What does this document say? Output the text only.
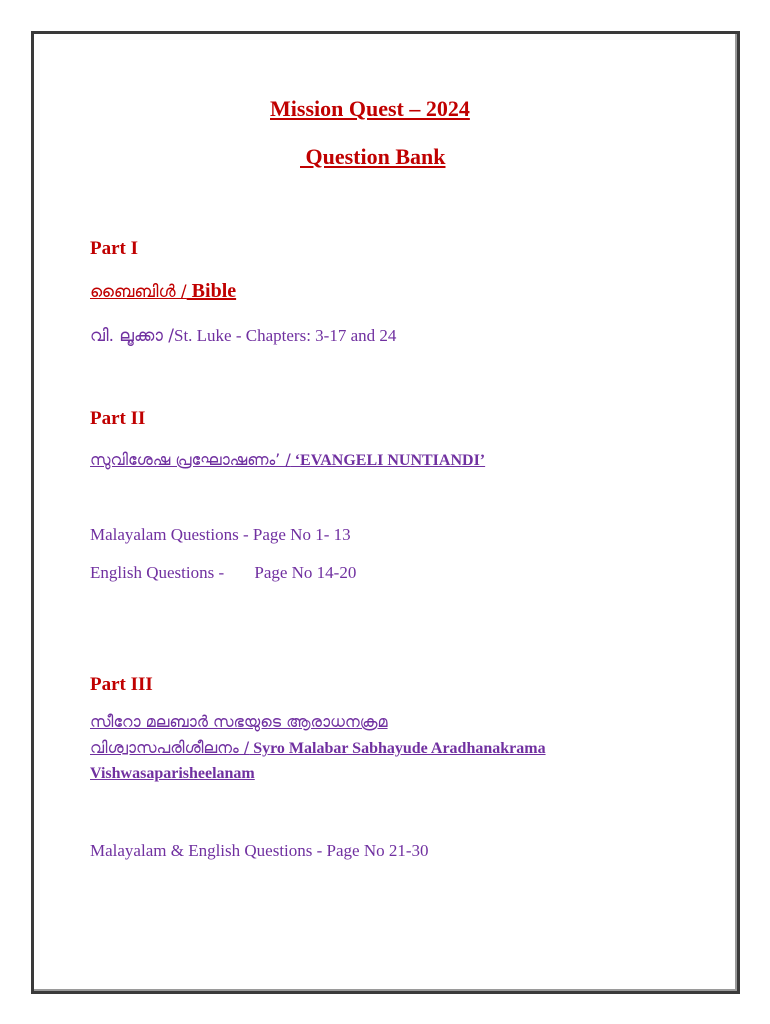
Mission Quest – 2024
Question Bank
Part I
ബൈബിൾ / Bible
വി. ലൂക്കാ /St. Luke - Chapters: 3-17 and 24
Part II
സുവിശേഷ പ്രഘോഷണം’ / ‘EVANGELI NUNTIANDI’
Malayalam Questions - Page No 1- 13
English Questions - Page No 14-20
Part III
സീറോ മലബാർ സഭയുടെ ആരാധനക്രമ
വിശ്വാസപരിശീലനം / Syro Malabar Sabhayude Aradhanakrama
Vishwasaparisheelanam
Malayalam & English Questions - Page No 21-30
